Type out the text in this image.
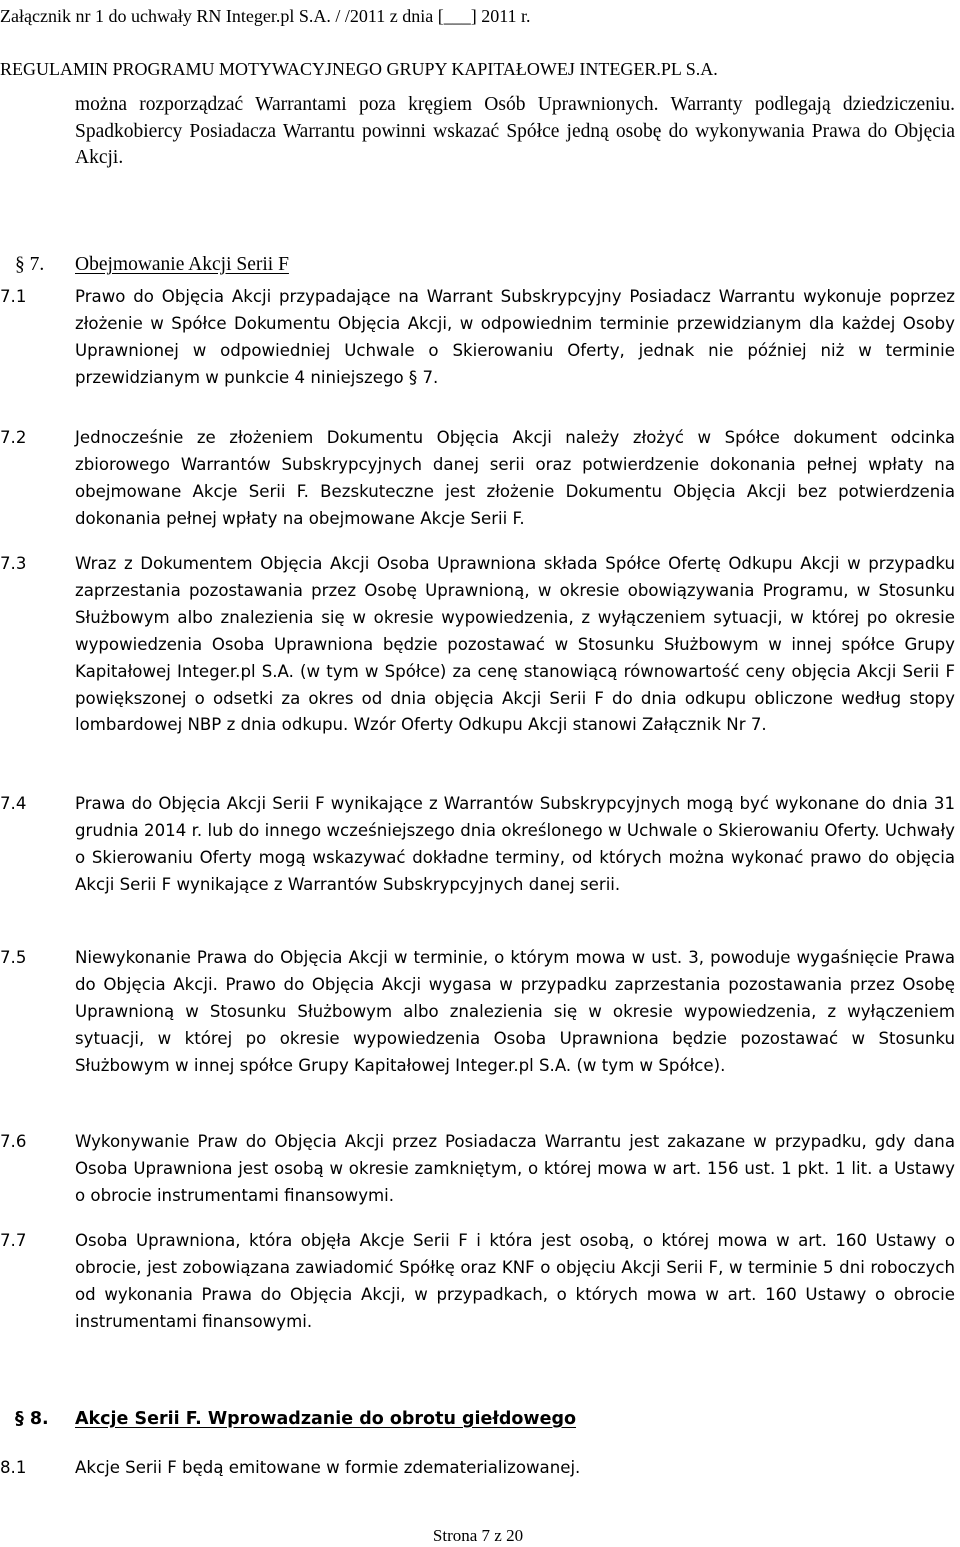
Załącznik nr 1 do uchwały RN Integer.pl S.A. / /2011 z dnia [___] 2011 r.
REGULAMIN PROGRAMU MOTYWACYJNEGO GRUPY KAPITAŁOWEJ INTEGER.PL S.A.
można rozporządzać Warrantami poza kręgiem Osób Uprawnionych. Warranty podlegają dziedziczeniu. Spadkobiercy Posiadacza Warrantu powinni wskazać Spółce jedną osobę do wykonywania Prawa do Objęcia Akcji.
§ 7. Obejmowanie Akcji Serii F
7.1	Prawo do Objęcia Akcji przypadające na Warrant Subskrypcyjny Posiadacz Warrantu wykonuje poprzez złożenie w Spółce Dokumentu Objęcia Akcji, w odpowiednim terminie przewidzianym dla każdej Osoby Uprawnionej w odpowiedniej Uchwale o Skierowaniu Oferty, jednak nie później niż w terminie przewidzianym w punkcie 4 niniejszego § 7.
7.2	Jednocześnie ze złożeniem Dokumentu Objęcia Akcji należy złożyć w Spółce dokument odcinka zbiorowego Warrantów Subskrypcyjnych danej serii oraz potwierdzenie dokonania pełnej wpłaty na obejmowane Akcje Serii F. Bezskuteczne jest złożenie Dokumentu Objęcia Akcji bez potwierdzenia dokonania pełnej wpłaty na obejmowane Akcje Serii F.
7.3	Wraz z Dokumentem Objęcia Akcji Osoba Uprawniona składa Spółce Ofertę Odkupu Akcji w przypadku zaprzestania pozostawania przez Osobę Uprawnioną, w okresie obowiązywania Programu, w Stosunku Służbowym albo znalezienia się w okresie wypowiedzenia, z wyłączeniem sytuacji, w której po okresie wypowiedzenia Osoba Uprawniona będzie pozostawać w Stosunku Służbowym w innej spółce Grupy Kapitałowej Integer.pl S.A. (w tym w Spółce) za cenę stanowiącą równowartość ceny objęcia Akcji Serii F powiększonej o odsetki za okres od dnia objęcia Akcji Serii F do dnia odkupu obliczone według stopy lombardowej NBP z dnia odkupu. Wzór Oferty Odkupu Akcji stanowi Załącznik Nr 7.
7.4	Prawa do Objęcia Akcji Serii F wynikające z Warrantów Subskrypcyjnych mogą być wykonane do dnia 31 grudnia 2014 r. lub do innego wcześniejszego dnia określonego w Uchwale o Skierowaniu Oferty. Uchwały o Skierowaniu Oferty mogą wskazywać dokładne terminy, od których można wykonać prawo do objęcia Akcji Serii F wynikające z Warrantów Subskrypcyjnych danej serii.
7.5	Niewykonanie Prawa do Objęcia Akcji w terminie, o którym mowa w ust. 3, powoduje wygaśnięcie Prawa do Objęcia Akcji. Prawo do Objęcia Akcji wygasa w przypadku zaprzestania pozostawania przez Osobę Uprawnioną w Stosunku Służbowym albo znalezienia się w okresie wypowiedzenia, z wyłączeniem sytuacji, w której po okresie wypowiedzenia Osoba Uprawniona będzie pozostawać w Stosunku Służbowym w innej spółce Grupy Kapitałowej Integer.pl S.A. (w tym w Spółce).
7.6	Wykonywanie Praw do Objęcia Akcji przez Posiadacza Warrantu jest zakazane w przypadku, gdy dana Osoba Uprawniona jest osobą w okresie zamkniętym, o której mowa w art. 156 ust. 1 pkt. 1 lit. a Ustawy o obrocie instrumentami finansowymi.
7.7	Osoba Uprawniona, która objęła Akcje Serii F i która jest osobą, o której mowa w art. 160 Ustawy o obrocie, jest zobowiązana zawiadomić Spółkę oraz KNF o objęciu Akcji Serii F, w terminie 5 dni roboczych od wykonania Prawa do Objęcia Akcji, w przypadkach, o których mowa w art. 160 Ustawy o obrocie instrumentami finansowymi.
§ 8. Akcje Serii F. Wprowadzanie do obrotu giełdowego
8.1	Akcje Serii F będą emitowane w formie zdematerializowanej.
Strona 7 z 20
